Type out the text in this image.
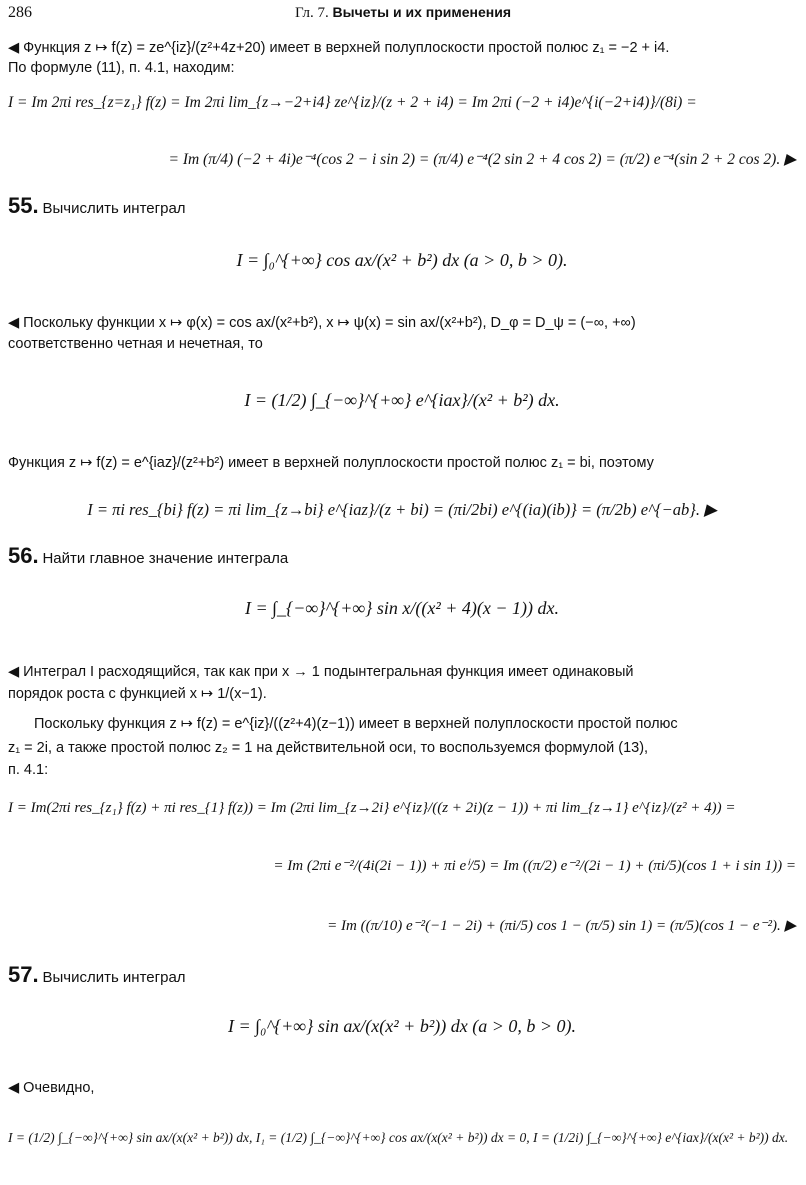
286	Гл. 7. Вычеты и их применения
◀ Функция z ↦ f(z) = ze^{iz}/(z²+4z+20) имеет в верхней полуплоскости простой полюс z₁ = −2 + i4.
По формуле (11), п. 4.1, находим:
I = Im 2πi res_{z=z₁} f(z) = Im 2πi lim_{z→−2+i4} ze^{iz}/(z + 2 + i4) = Im 2πi (−2 + i4)e^{i(−2+i4)}/(8i) =
= Im (π/4) (−2 + 4i)e⁻⁴(cos 2 − i sin 2) = (π/4) e⁻⁴(2 sin 2 + 4 cos 2) = (π/2) e⁻⁴(sin 2 + 2 cos 2). ▶
55. Вычислить интеграл
I = ∫₀^{+∞} cos ax/(x² + b²) dx (a > 0, b > 0).
◀ Поскольку функции x ↦ φ(x) = cos ax/(x²+b²), x ↦ ψ(x) = sin ax/(x²+b²), D_φ = D_ψ = (−∞, +∞)
соответственно четная и нечетная, то
I = (1/2) ∫_{−∞}^{+∞} e^{iax}/(x² + b²) dx.
Функция z ↦ f(z) = e^{iaz}/(z²+b²) имеет в верхней полуплоскости простой полюс z₁ = bi, поэтому
I = πi res_{bi} f(z) = πi lim_{z→bi} e^{iaz}/(z + bi) = (πi/2bi) e^{(ia)(ib)} = (π/2b) e^{−ab}. ▶
56. Найти главное значение интеграла
I = ∫_{−∞}^{+∞} sin x/((x² + 4)(x − 1)) dx.
◀ Интеграл I расходящийся, так как при x → 1 подынтегральная функция имеет одинаковый
порядок роста с функцией x ↦ 1/(x−1).
Поскольку функция z ↦ f(z) = e^{iz}/((z²+4)(z−1)) имеет в верхней полуплоскости простой полюс
z₁ = 2i, а также простой полюс z₂ = 1 на действительной оси, то воспользуемся формулой (13),
п. 4.1:
I = Im(2πi res_{z₁} f(z) + πi res_{1} f(z)) = Im (2πi lim_{z→2i} e^{iz}/((z + 2i)(z − 1)) + πi lim_{z→1} e^{iz}/(z² + 4)) =
= Im (2πi e⁻²/(4i(2i − 1)) + πi eⁱ/5) = Im ((π/2) e⁻²/(2i − 1) + (πi/5)(cos 1 + i sin 1)) =
= Im ((π/10) e⁻²(−1 − 2i) + (πi/5) cos 1 − (π/5) sin 1) = (π/5)(cos 1 − e⁻²). ▶
57. Вычислить интеграл
I = ∫₀^{+∞} sin ax/(x(x² + b²)) dx (a > 0, b > 0).
◀ Очевидно,
I = (1/2) ∫_{−∞}^{+∞} sin ax/(x(x² + b²)) dx, I₁ = (1/2) ∫_{−∞}^{+∞} cos ax/(x(x² + b²)) dx = 0, I = (1/2i) ∫_{−∞}^{+∞} e^{iax}/(x(x² + b²)) dx.
